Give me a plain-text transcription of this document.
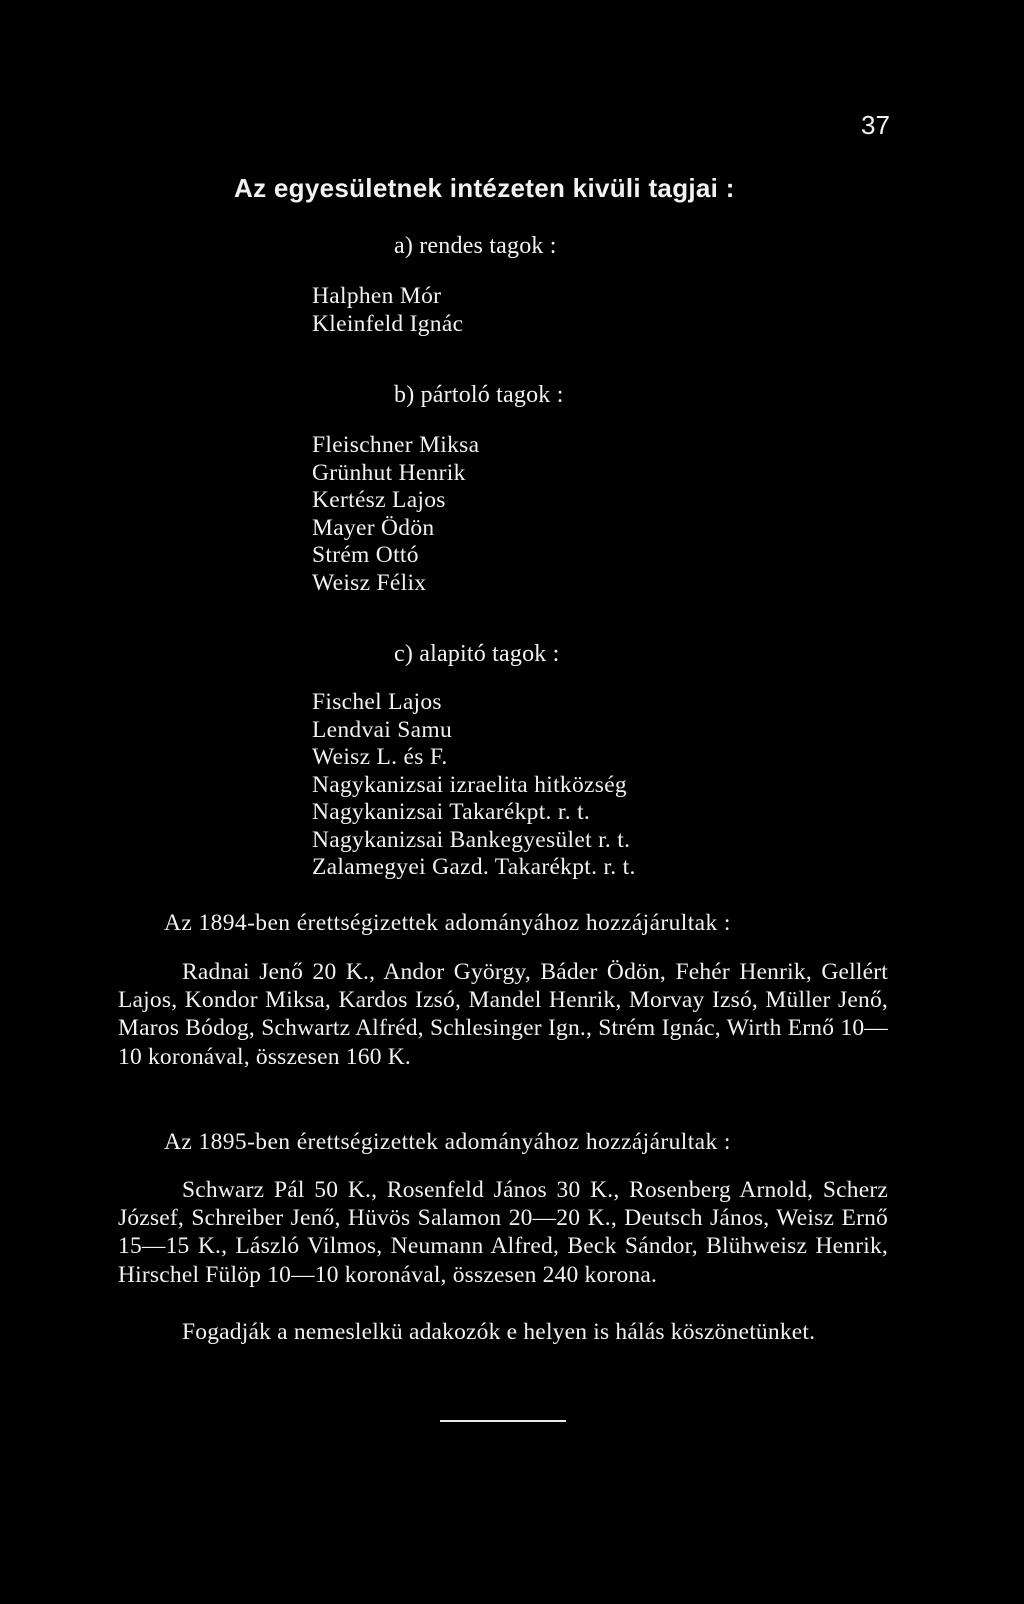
37
Az egyesületnek intézeten kivüli tagjai :
a) rendes tagok :
Halphen Mór
Kleinfeld Ignác
b) pártoló tagok :
Fleischner Miksa
Grünhut Henrik
Kertész Lajos
Mayer Ödön
Strém Ottó
Weisz Félix
c) alapitó tagok :
Fischel Lajos
Lendvai Samu
Weisz L. és F.
Nagykanizsai izraelita hitközség
Nagykanizsai Takarékpt. r. t.
Nagykanizsai Bankegyesület r. t.
Zalamegyei Gazd. Takarékpt. r. t.
Az 1894-ben érettségizettek adományához hozzájárultak :

Radnai Jenő 20 K., Andor György, Báder Ödön, Fehér Henrik, Gellért Lajos, Kondor Miksa, Kardos Izsó, Mandel Henrik, Morvay Izsó, Müller Jenő, Maros Bódog, Schwartz Alfréd, Schlesinger Ign., Strém Ignác, Wirth Ernő 10—10 koronával, összesen 160 K.

Az 1895-ben érettségizettek adományához hozzájárultak :

Schwarz Pál 50 K., Rosenfeld János 30 K., Rosenberg Arnold, Scherz József, Schreiber Jenő, Hüvös Salamon 20—20 K., Deutsch János, Weisz Ernő 15—15 K., László Vilmos, Neumann Alfred, Beck Sándor, Blühweisz Henrik, Hirschel Fülöp 10—10 koronával, összesen 240 korona.

Fogadják a nemeslelkü adakozók e helyen is hálás köszönetünket.
